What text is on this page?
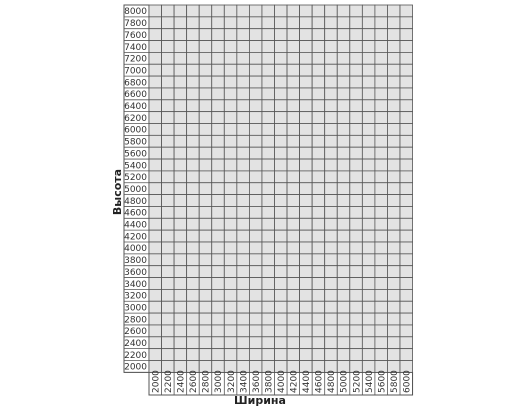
8000
7800
7600
7400
7200
7000
6800
6600
6400
6200
6000
5800
5600
5400
5200
5000
4800
4600
4400
4200
4000
3800
3600
3400
3200
3000
2800
2600
2400
2200
2000
2000 2200 2400 2600 2800 3000 3200 3400 3600 3800 4000 4200 4400 4600 4800 5000 5200 5400 5600 5800 6000
Высота
Ширина
